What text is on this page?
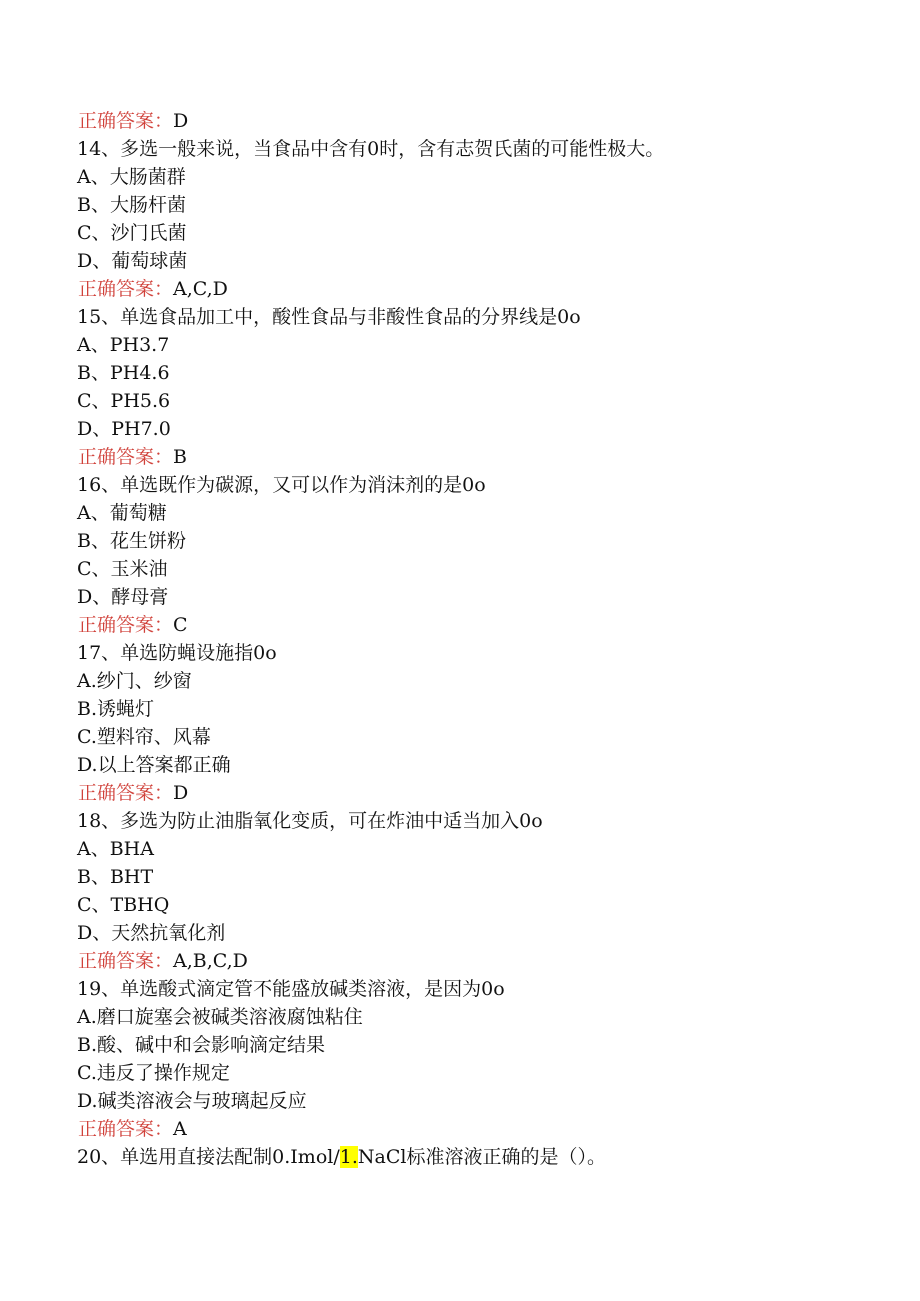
正确答案：D
14、多选一般来说，当食品中含有0时，含有志贺氏菌的可能性极大。
A、大肠菌群
B、大肠杆菌
C、沙门氏菌
D、葡萄球菌
正确答案：A,C,D
15、单选食品加工中，酸性食品与非酸性食品的分界线是0o
A、PH3.7
B、PH4.6
C、PH5.6
D、PH7.0
正确答案：B
16、单选既作为碳源，又可以作为消沫剂的是0o
A、葡萄糖
B、花生饼粉
C、玉米油
D、酵母膏
正确答案：C
17、单选防蝇设施指0o
A.纱门、纱窗
B.诱蝇灯
C.塑料帘、风幕
D.以上答案都正确
正确答案：D
18、多选为防止油脂氧化变质，可在炸油中适当加入0o
A、BHA
B、BHT
C、TBHQ
D、天然抗氧化剂
正确答案：A,B,C,D
19、单选酸式滴定管不能盛放碱类溶液，是因为0o
A.磨口旋塞会被碱类溶液腐蚀粘住
B.酸、碱中和会影响滴定结果
C.违反了操作规定
D.碱类溶液会与玻璃起反应
正确答案：A
20、单选用直接法配制0.Imol/1.NaCl标准溶液正确的是（）。
